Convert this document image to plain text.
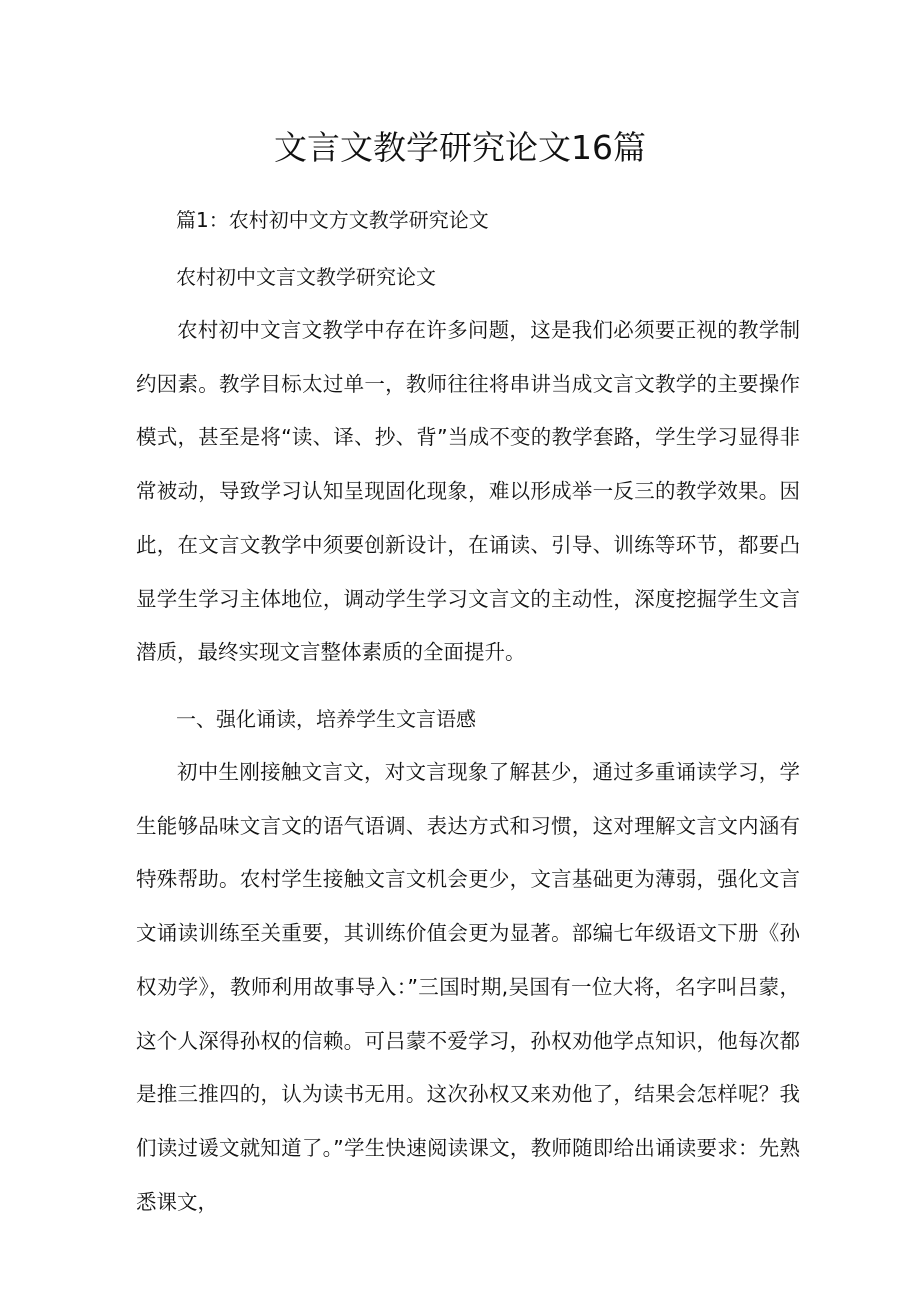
文言文教学研究论文16篇
篇1：农村初中文方文教学研究论文
农村初中文言文教学研究论文

农村初中文言文教学中存在许多问题，这是我们必须要正视的教学制约因素。教学目标太过单一，教师往往将串讲当成文言文教学的主要操作模式，甚至是将“读、译、抄、背”当成不变的教学套路，学生学习显得非常被动，导致学习认知呈现固化现象，难以形成举一反三的教学效果。因此，在文言文教学中须要创新设计，在诵读、引导、训练等环节，都要凸显学生学习主体地位，调动学生学习文言文的主动性，深度挖掘学生文言潜质，最终实现文言整体素质的全面提升。

一、强化诵读，培养学生文言语感

初中生刚接触文言文，对文言现象了解甚少，通过多重诵读学习，学生能够品味文言文的语气语调、表达方式和习惯，这对理解文言文内涵有特殊帮助。农村学生接触文言文机会更少，文言基础更为薄弱，强化文言文诵读训练至关重要，其训练价值会更为显著。部编七年级语文下册《孙权劝学》，教师利用故事导入：”三国时期,吴国有一位大将，名字叫吕蒙，这个人深得孙权的信赖。可吕蒙不爱学习，孙权劝他学点知识，他每次都是推三推四的，认为读书无用。这次孙权又来劝他了，结果会怎样呢？我们读过谖文就知道了。”学生快速阅读课文，教师随即给出诵读要求：先熟悉课文，
